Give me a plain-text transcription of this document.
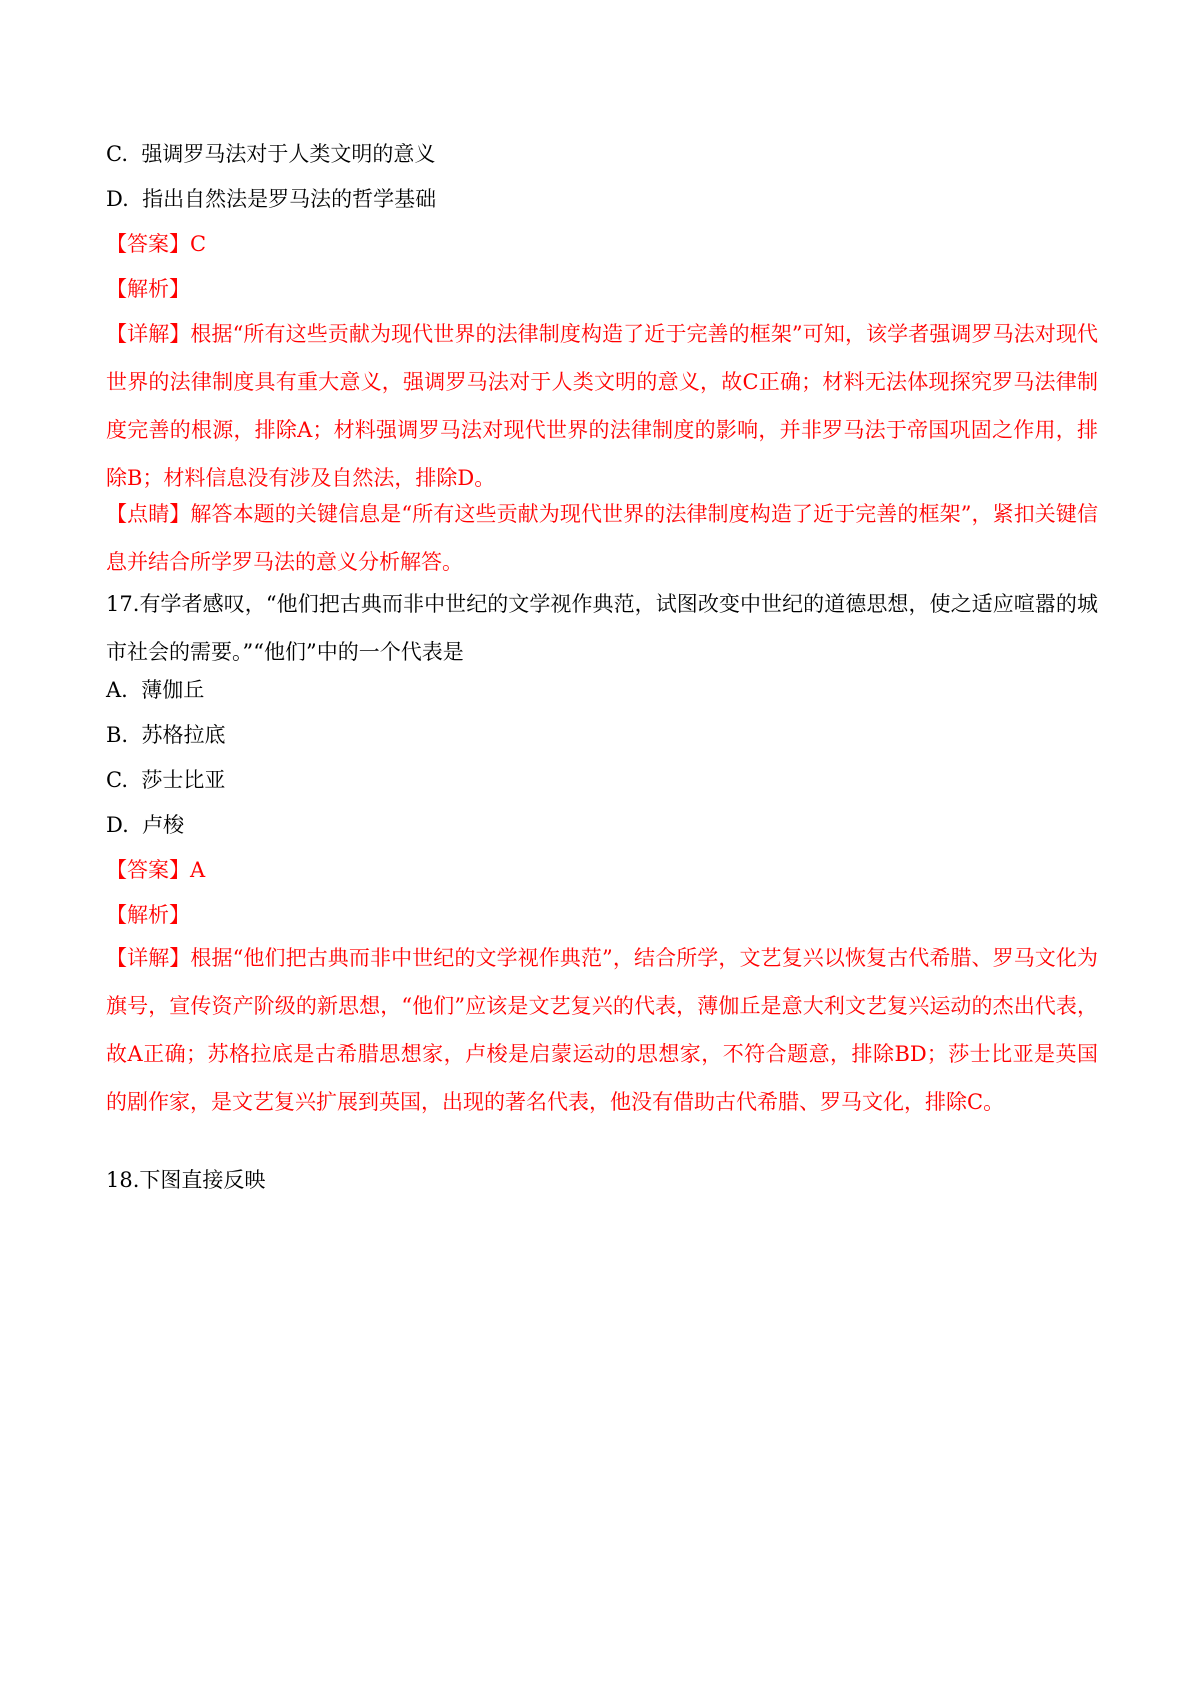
C.  强调罗马法对于人类文明的意义
D.  指出自然法是罗马法的哲学基础
【答案】C
【解析】
【详解】根据“所有这些贡献为现代世界的法律制度构造了近于完善的框架”可知，该学者强调罗马法对现代世界的法律制度具有重大意义，强调罗马法对于人类文明的意义，故C正确；材料无法体现探究罗马法律制度完善的根源，排除A；材料强调罗马法对现代世界的法律制度的影响，并非罗马法于帝国巩固之作用，排除B；材料信息没有涉及自然法，排除D。
【点睛】解答本题的关键信息是“所有这些贡献为现代世界的法律制度构造了近于完善的框架”，紧扣关键信息并结合所学罗马法的意义分析解答。
17.有学者感叹，“他们把古典而非中世纪的文学视作典范，试图改变中世纪的道德思想，使之适应喧嚣的城市社会的需要。”“他们”中的一个代表是
A.  薄伽丘
B.  苏格拉底
C.  莎士比亚
D.  卢梭
【答案】A
【解析】
【详解】根据“他们把古典而非中世纪的文学视作典范”，结合所学，文艺复兴以恢复古代希腊、罗马文化为旗号，宣传资产阶级的新思想，“他们”应该是文艺复兴的代表，薄伽丘是意大利文艺复兴运动的杰出代表，故A正确；苏格拉底是古希腊思想家，卢梭是启蒙运动的思想家，不符合题意，排除BD；莎士比亚是英国的剧作家，是文艺复兴扩展到英国，出现的著名代表，他没有借助古代希腊、罗马文化，排除C。
18.下图直接反映
